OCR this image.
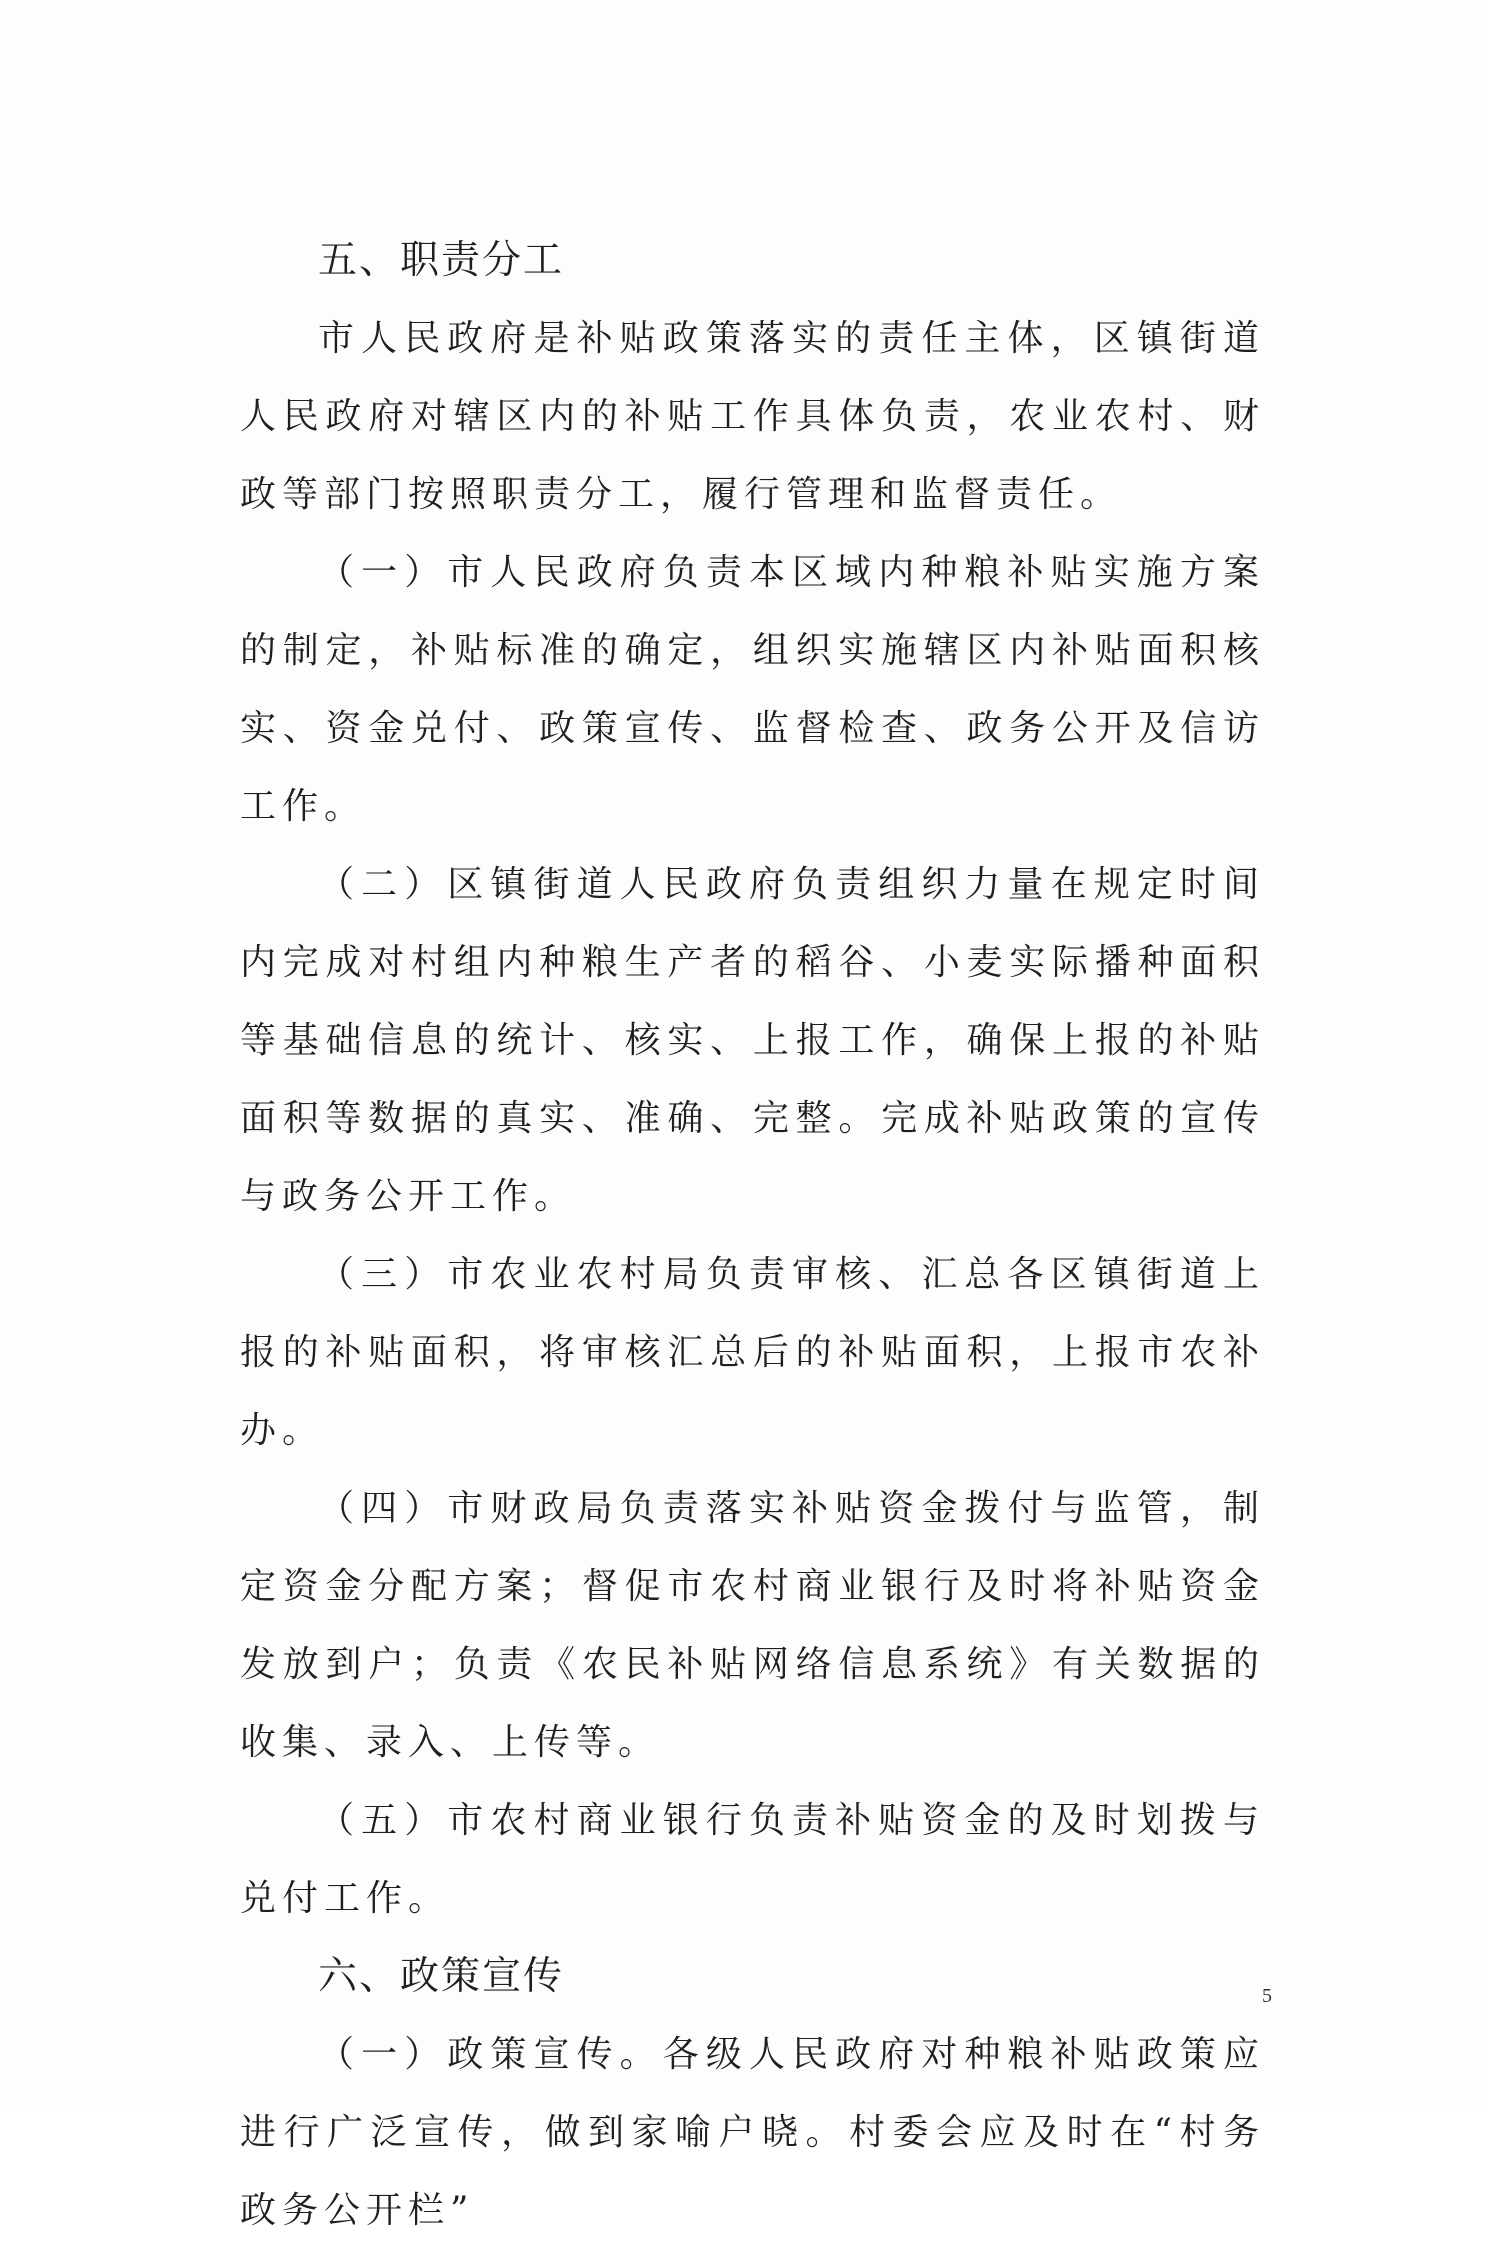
五、职责分工

市人民政府是补贴政策落实的责任主体，区镇街道人民政府对辖区内的补贴工作具体负责，农业农村、财政等部门按照职责分工，履行管理和监督责任。

（一）市人民政府负责本区域内种粮补贴实施方案的制定，补贴标准的确定，组织实施辖区内补贴面积核实、资金兑付、政策宣传、监督检查、政务公开及信访工作。

（二）区镇街道人民政府负责组织力量在规定时间内完成对村组内种粮生产者的稻谷、小麦实际播种面积等基础信息的统计、核实、上报工作，确保上报的补贴面积等数据的真实、准确、完整。完成补贴政策的宣传与政务公开工作。

（三）市农业农村局负责审核、汇总各区镇街道上报的补贴面积，将审核汇总后的补贴面积，上报市农补办。

（四）市财政局负责落实补贴资金拨付与监管，制定资金分配方案；督促市农村商业银行及时将补贴资金发放到户；负责《农民补贴网络信息系统》有关数据的收集、录入、上传等。

（五）市农村商业银行负责补贴资金的及时划拨与兑付工作。

六、政策宣传

（一）政策宣传。各级人民政府对种粮补贴政策应进行广泛宣传，做到家喻户晓。村委会应及时在“村务政务公开栏”

5
